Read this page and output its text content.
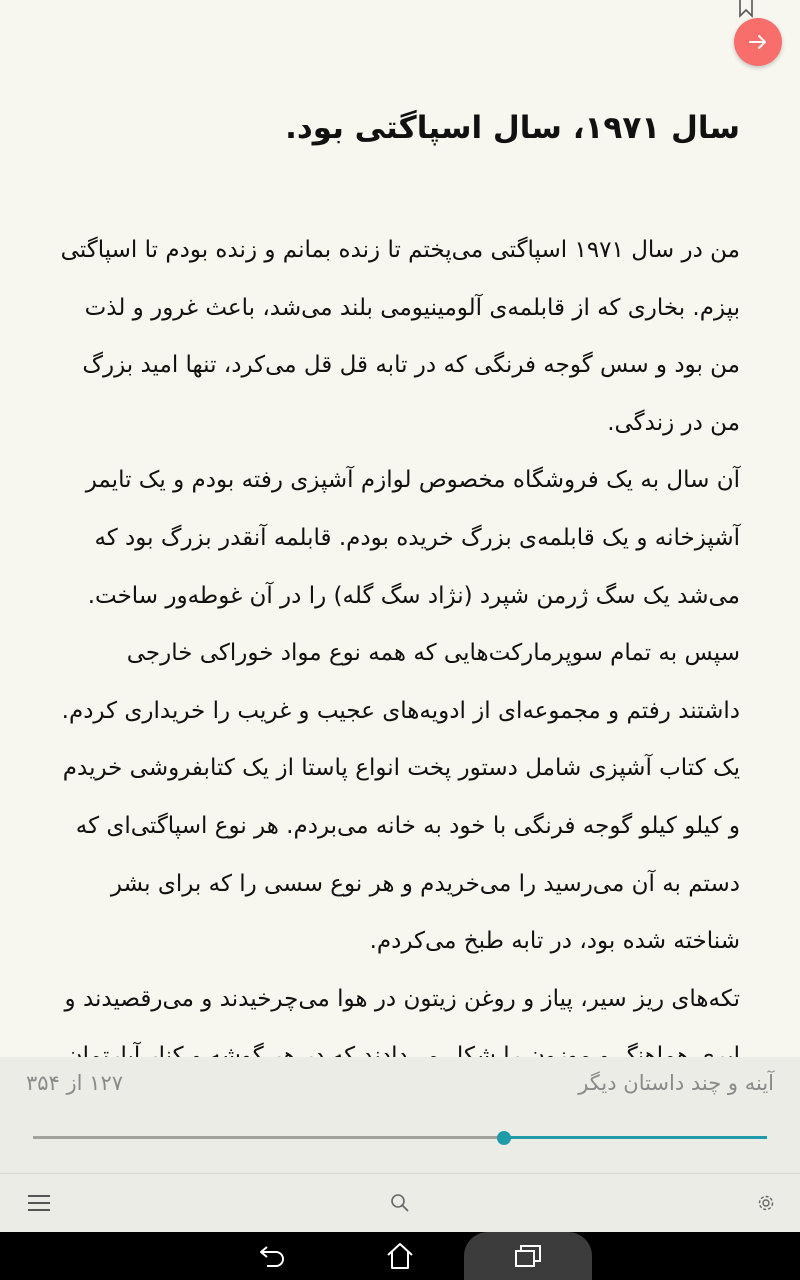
سال ۱۹۷۱، سال اسپاگتی بود.

من در سال ۱۹۷۱ اسپاگتی می‌پختم تا زنده بمانم و زنده بودم تا اسپاگتی بپزم. بخاری که از قابلمه‌ی آلومینیومی بلند می‌شد، باعث غرور و لذت من بود و سس گوجه فرنگی که در تابه قل قل می‌کرد، تنها امید بزرگ من در زندگی.

آن سال به یک فروشگاه مخصوص لوازم آشپزی رفته بودم و یک تایمر آشپزخانه و یک قابلمه‌ی بزرگ خریده بودم. قابلمه آنقدر بزرگ بود که می‌شد یک سگ ژرمن شپرد (نژاد سگ گله) را در آن غوطه‌ور ساخت.

سپس به تمام سوپرمارکت‌هایی که همه نوع مواد خوراکی خارجی داشتند رفتم و مجموعه‌ای از ادویه‌های عجیب و غریب را خریداری کردم. یک کتاب آشپزی شامل دستور پخت انواع پاستا از یک کتابفروشی خریدم و کیلو کیلو گوجه فرنگی با خود به خانه می‌بردم. هر نوع اسپاگتی‌ای که دستم به آن می‌رسید را می‌خریدم و هر نوع سسی را که برای بشر شناخته شده بود، در تابه طبخ می‌کردم.

تکه‌های ریز سیر، پیاز و روغن زیتون در هوا می‌چرخیدند و می‌رقصیدند و

آینه و چند داستان دیگر
۱۲۷ از ۳۵۴
